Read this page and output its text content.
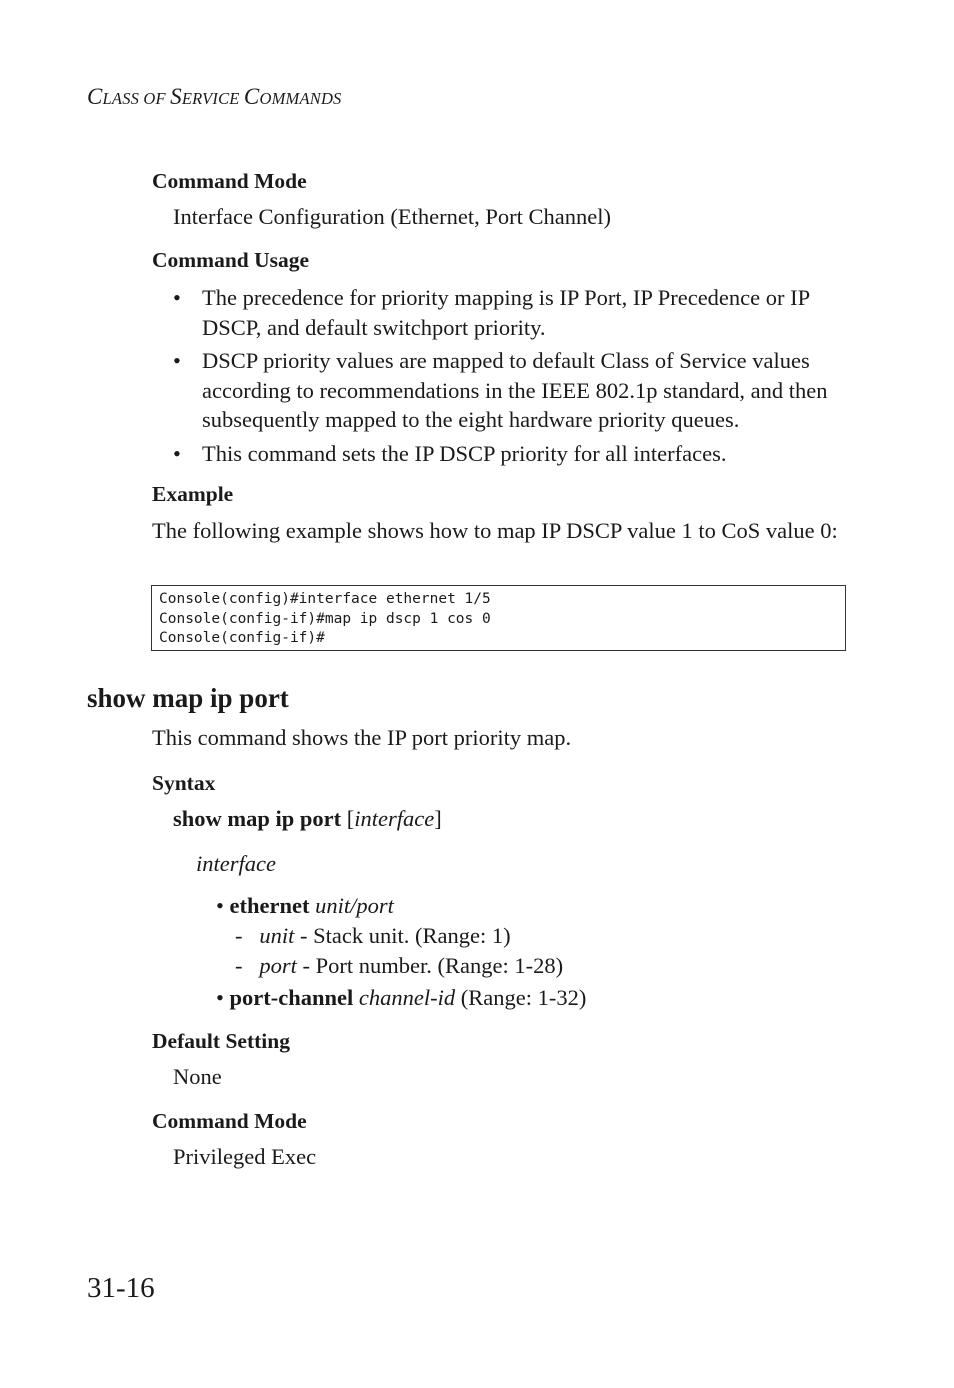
CLASS OF SERVICE COMMANDS
Command Mode
Interface Configuration (Ethernet, Port Channel)
Command Usage
• The precedence for priority mapping is IP Port, IP Precedence or IP DSCP, and default switchport priority.
• DSCP priority values are mapped to default Class of Service values according to recommendations in the IEEE 802.1p standard, and then subsequently mapped to the eight hardware priority queues.
• This command sets the IP DSCP priority for all interfaces.
Example
The following example shows how to map IP DSCP value 1 to CoS value 0:
Console(config)#interface ethernet 1/5
Console(config-if)#map ip dscp 1 cos 0
Console(config-if)#
show map ip port
This command shows the IP port priority map.
Syntax
show map ip port [interface]
interface
• ethernet unit/port
- unit - Stack unit. (Range: 1)
- port - Port number. (Range: 1-28)
• port-channel channel-id (Range: 1-32)
Default Setting
None
Command Mode
Privileged Exec
31-16
